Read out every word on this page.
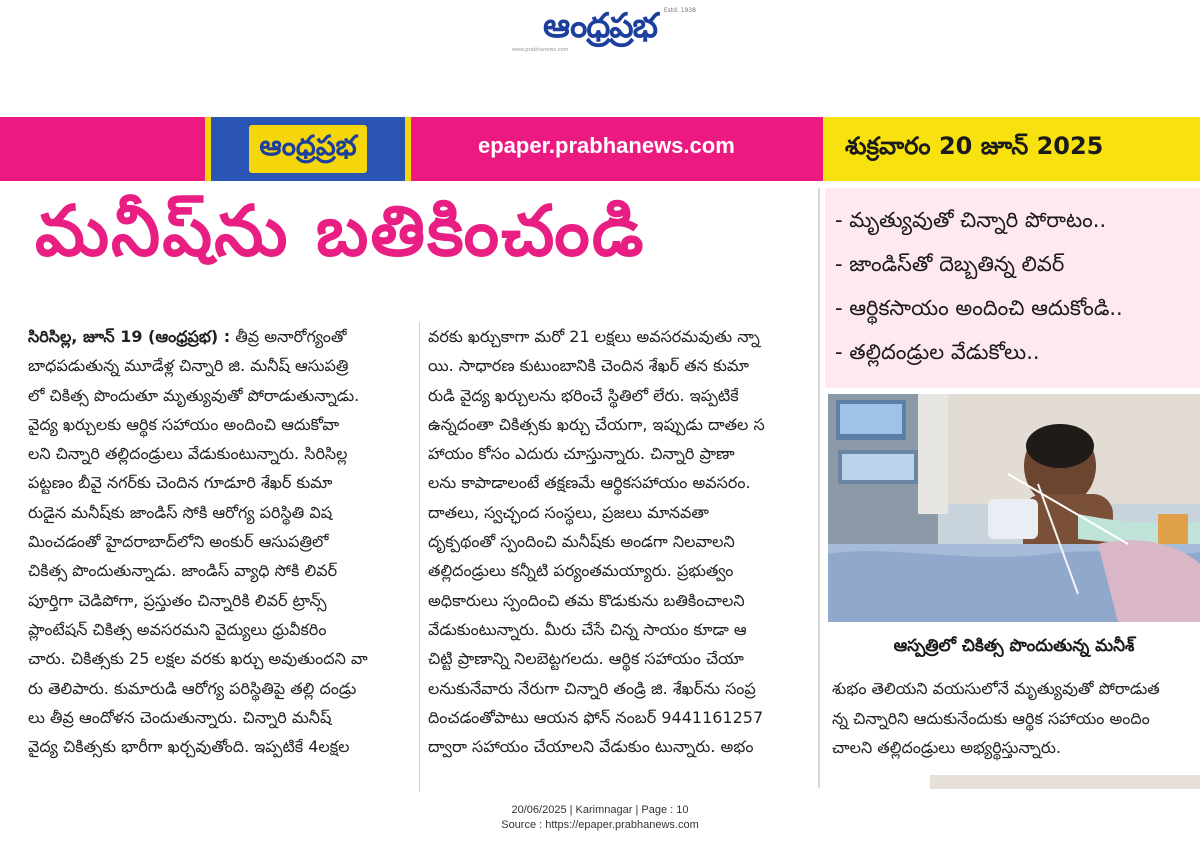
ఆంధ్రప్రభ Estd. 1938
www.prabhanews.com
ఆంధ్రప్రభ	epaper.prabhanews.com	శుక్రవారం 20 జూన్ 2025
మనీష్‌ను బతికించండి	- మృత్యువుతో చిన్నారి పోరాటం..
- జాండిస్‌తో దెబ్బతిన్న లివర్
- ఆర్థికసాయం అందించి ఆదుకోండి..
- తల్లిదండ్రుల వేడుకోలు..
సిరిసిల్ల, జూన్ 19 (ఆంధ్రప్రభ) : తీవ్ర అనారోగ్యంతో
బాధపడుతున్న మూడేళ్ల చిన్నారి జి. మనీష్ ఆసుపత్రి
లో చికిత్స పొందుతూ మృత్యువుతో పోరాడుతున్నాడు.
వైద్య ఖర్చులకు ఆర్థిక సహాయం అందించి ఆదుకోవా
లని చిన్నారి తల్లిదండ్రులు వేడుకుంటున్నారు. సిరిసిల్ల
పట్టణం బీవై నగర్‌కు చెందిన గూడూరి శేఖర్ కుమా
రుడైన మనీష్‌కు జాండిస్ సోకి ఆరోగ్య పరిస్థితి విష
మించడంతో హైదరాబాద్‌లోని అంకుర్ ఆసుపత్రిలో
చికిత్స పొందుతున్నాడు. జాండిస్ వ్యాధి సోకి లివర్
పూర్తిగా చెడిపోగా, ప్రస్తుతం చిన్నారికి లివర్ ట్రాన్స్
ప్లాంటేషన్ చికిత్స అవసరమని వైద్యులు ధ్రువీకరిం
చారు. చికిత్సకు 25 లక్షల వరకు ఖర్చు అవుతుందని వా
రు తెలిపారు. కుమారుడి ఆరోగ్య పరిస్థితిపై తల్లి దండ్రు
లు తీవ్ర ఆందోళన చెందుతున్నారు. చిన్నారి మనీష్
వైద్య చికిత్సకు భారీగా ఖర్చవుతోంది. ఇప్పటికే 4లక్షల
వరకు ఖర్చుకాగా మరో 21 లక్షలు అవసరమవుతు న్నా
యి. సాధారణ కుటుంబానికి చెందిన శేఖర్ తన కుమా
రుడి వైద్య ఖర్చులను భరించే స్థితిలో లేరు. ఇప్పటికే
ఉన్నదంతా చికిత్సకు ఖర్చు చేయగా, ఇప్పుడు దాతల స
హాయం కోసం ఎదురు చూస్తున్నారు. చిన్నారి ప్రాణా
లను కాపాడాలంటే తక్షణమే ఆర్థికసహాయం అవసరం.
దాతలు, స్వచ్ఛంద సంస్థలు, ప్రజలు మానవతా
దృక్పథంతో స్పందించి మనీష్‌కు అండగా నిలవాలని
తల్లిదండ్రులు కన్నీటి పర్యంతమయ్యారు. ప్రభుత్వం
అధికారులు స్పందించి తమ కొడుకును బతికించాలని
వేడుకుంటున్నారు. మీరు చేసే చిన్న సాయం కూడా ఆ
చిట్టి ప్రాణాన్ని నిలబెట్టగలదు. ఆర్థిక సహాయం చేయా
లనుకునేవారు నేరుగా చిన్నారి తండ్రి జి. శేఖర్‌ను సంప్ర
దించడంతోపాటు ఆయన ఫోన్ నంబర్ 9441161257
ద్వారా సహాయం చేయాలని వేడుకుం టున్నారు. అభం
ఆస్పత్రిలో చికిత్స పొందుతున్న మనీశ్
శుభం తెలియని వయసులోనే మృత్యువుతో పోరాడుత
న్న చిన్నారిని ఆదుకునేందుకు ఆర్థిక సహాయం అందిం
చాలని తల్లిదండ్రులు అభ్యర్థిస్తున్నారు.
20/06/2025 | Karimnagar | Page : 10
Source : https://epaper.prabhanews.com
